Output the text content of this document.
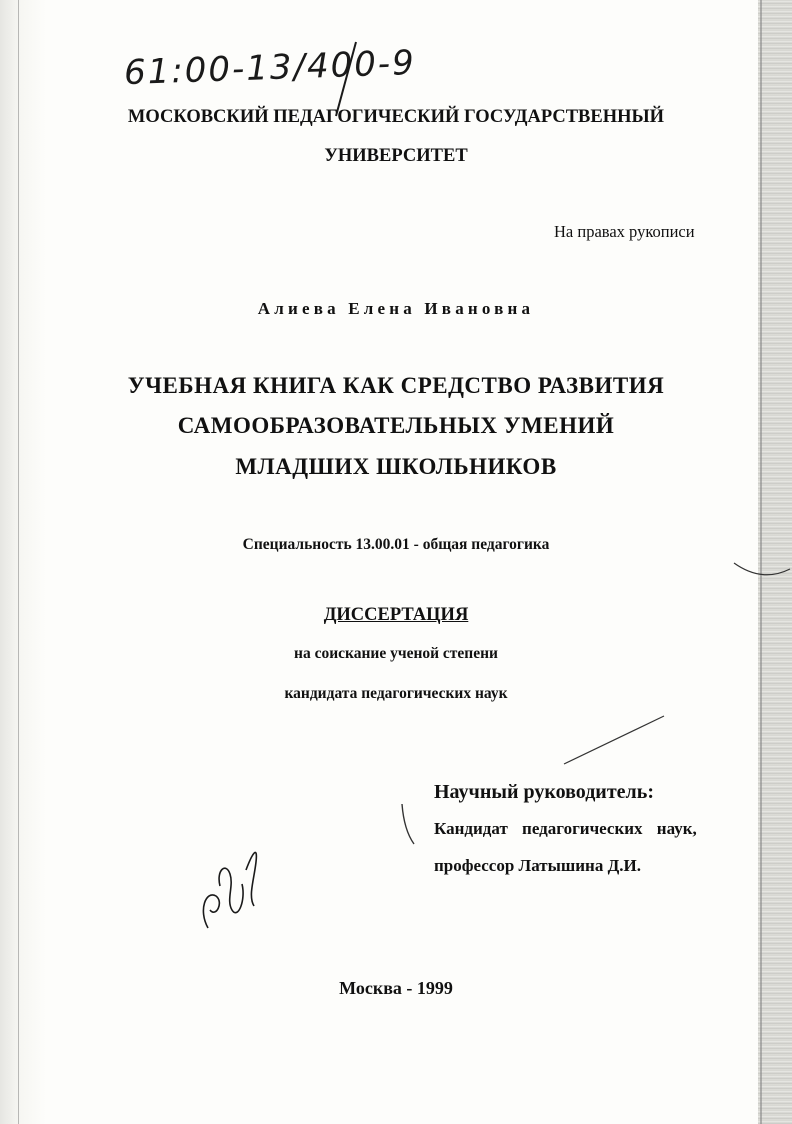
61:00-13/400-9
МОСКОВСКИЙ ПЕДАГОГИЧЕСКИЙ ГОСУДАРСТВЕННЫЙ
УНИВЕРСИТЕТ
На правах рукописи
Алиева Елена Ивановна
УЧЕБНАЯ КНИГА КАК СРЕДСТВО РАЗВИТИЯ
САМООБРАЗОВАТЕЛЬНЫХ УМЕНИЙ
МЛАДШИХ ШКОЛЬНИКОВ
Специальность 13.00.01 - общая педагогика
ДИССЕРТАЦИЯ
на соискание ученой степени
кандидата педагогических наук
Научный руководитель:
Кандидат педагогических наук,
профессор Латышина Д.И.
Москва - 1999
